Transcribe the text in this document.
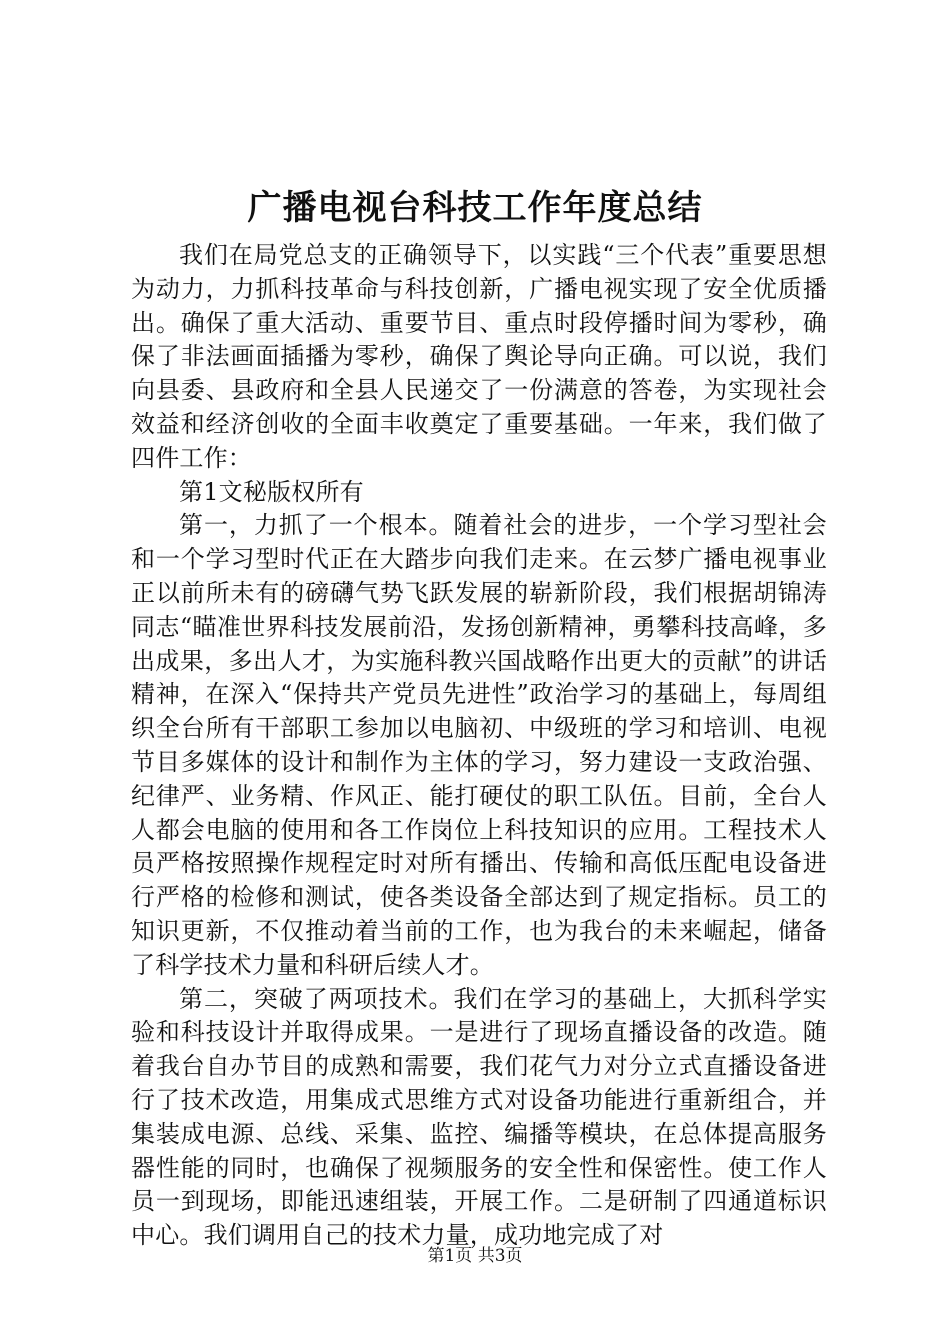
广播电视台科技工作年度总结

我们在局党总支的正确领导下，以实践“三个代表”重要思想为动力，力抓科技革命与科技创新，广播电视实现了安全优质播出。确保了重大活动、重要节目、重点时段停播时间为零秒，确保了非法画面插播为零秒，确保了舆论导向正确。可以说，我们向县委、县政府和全县人民递交了一份满意的答卷，为实现社会效益和经济创收的全面丰收奠定了重要基础。一年来，我们做了四件工作：

第1文秘版权所有

第一，力抓了一个根本。随着社会的进步，一个学习型社会和一个学习型时代正在大踏步向我们走来。在云梦广播电视事业正以前所未有的磅礴气势飞跃发展的崭新阶段，我们根据胡锦涛同志“瞄准世界科技发展前沿，发扬创新精神，勇攀科技高峰，多出成果，多出人才，为实施科教兴国战略作出更大的贡献”的讲话精神，在深入“保持共产党员先进性”政治学习的基础上，每周组织全台所有干部职工参加以电脑初、中级班的学习和培训、电视节目多媒体的设计和制作为主体的学习，努力建设一支政治强、纪律严、业务精、作风正、能打硬仗的职工队伍。目前，全台人人都会电脑的使用和各工作岗位上科技知识的应用。工程技术人员严格按照操作规程定时对所有播出、传输和高低压配电设备进行严格的检修和测试，使各类设备全部达到了规定指标。员工的知识更新，不仅推动着当前的工作，也为我台的未来崛起，储备了科学技术力量和科研后续人才。

第二，突破了两项技术。我们在学习的基础上，大抓科学实验和科技设计并取得成果。一是进行了现场直播设备的改造。随着我台自办节目的成熟和需要，我们花气力对分立式直播设备进行了技术改造，用集成式思维方式对设备功能进行重新组合，并集装成电源、总线、采集、监控、编播等模块，在总体提高服务器性能的同时，也确保了视频服务的安全性和保密性。使工作人员一到现场，即能迅速组装，开展工作。二是研制了四通道标识中心。我们调用自己的技术力量，成功地完成了对

第1页 共3页
